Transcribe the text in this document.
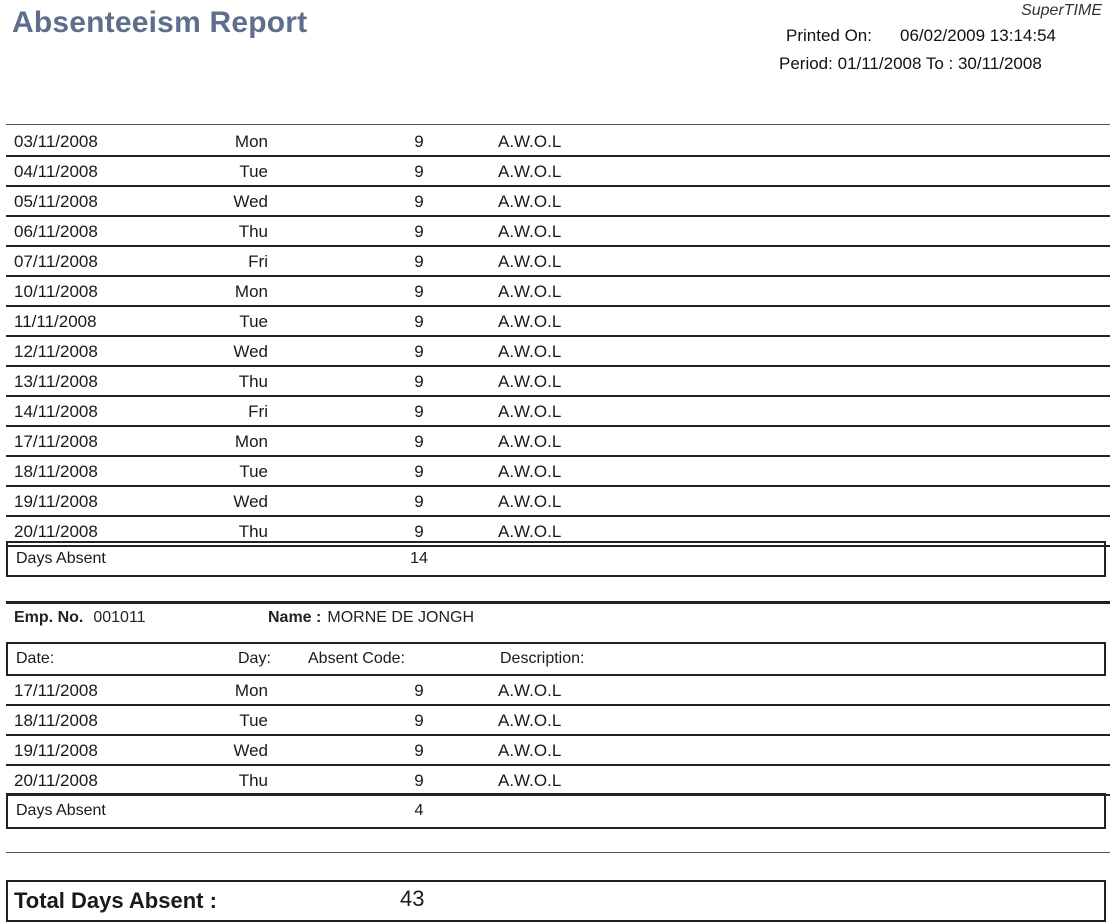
Absenteeism Report	SuperTIME
Printed On: 06/02/2009 13:14:54
Period: 01/11/2008 To : 30/11/2008
03/11/2008	Mon	9	A.W.O.L
04/11/2008	Tue	9	A.W.O.L
05/11/2008	Wed	9	A.W.O.L
06/11/2008	Thu	9	A.W.O.L
07/11/2008	Fri	9	A.W.O.L
10/11/2008	Mon	9	A.W.O.L
11/11/2008	Tue	9	A.W.O.L
12/11/2008	Wed	9	A.W.O.L
13/11/2008	Thu	9	A.W.O.L
14/11/2008	Fri	9	A.W.O.L
17/11/2008	Mon	9	A.W.O.L
18/11/2008	Tue	9	A.W.O.L
19/11/2008	Wed	9	A.W.O.L
20/11/2008	Thu	9	A.W.O.L
Days Absent	14
Emp. No. 001011	Name : MORNE DE JONGH
Date:	Day: Absent Code:	Description:
17/11/2008	Mon	9	A.W.O.L
18/11/2008	Tue	9	A.W.O.L
19/11/2008	Wed	9	A.W.O.L
20/11/2008	Thu	9	A.W.O.L
Days Absent	4
Total Days Absent :	43
